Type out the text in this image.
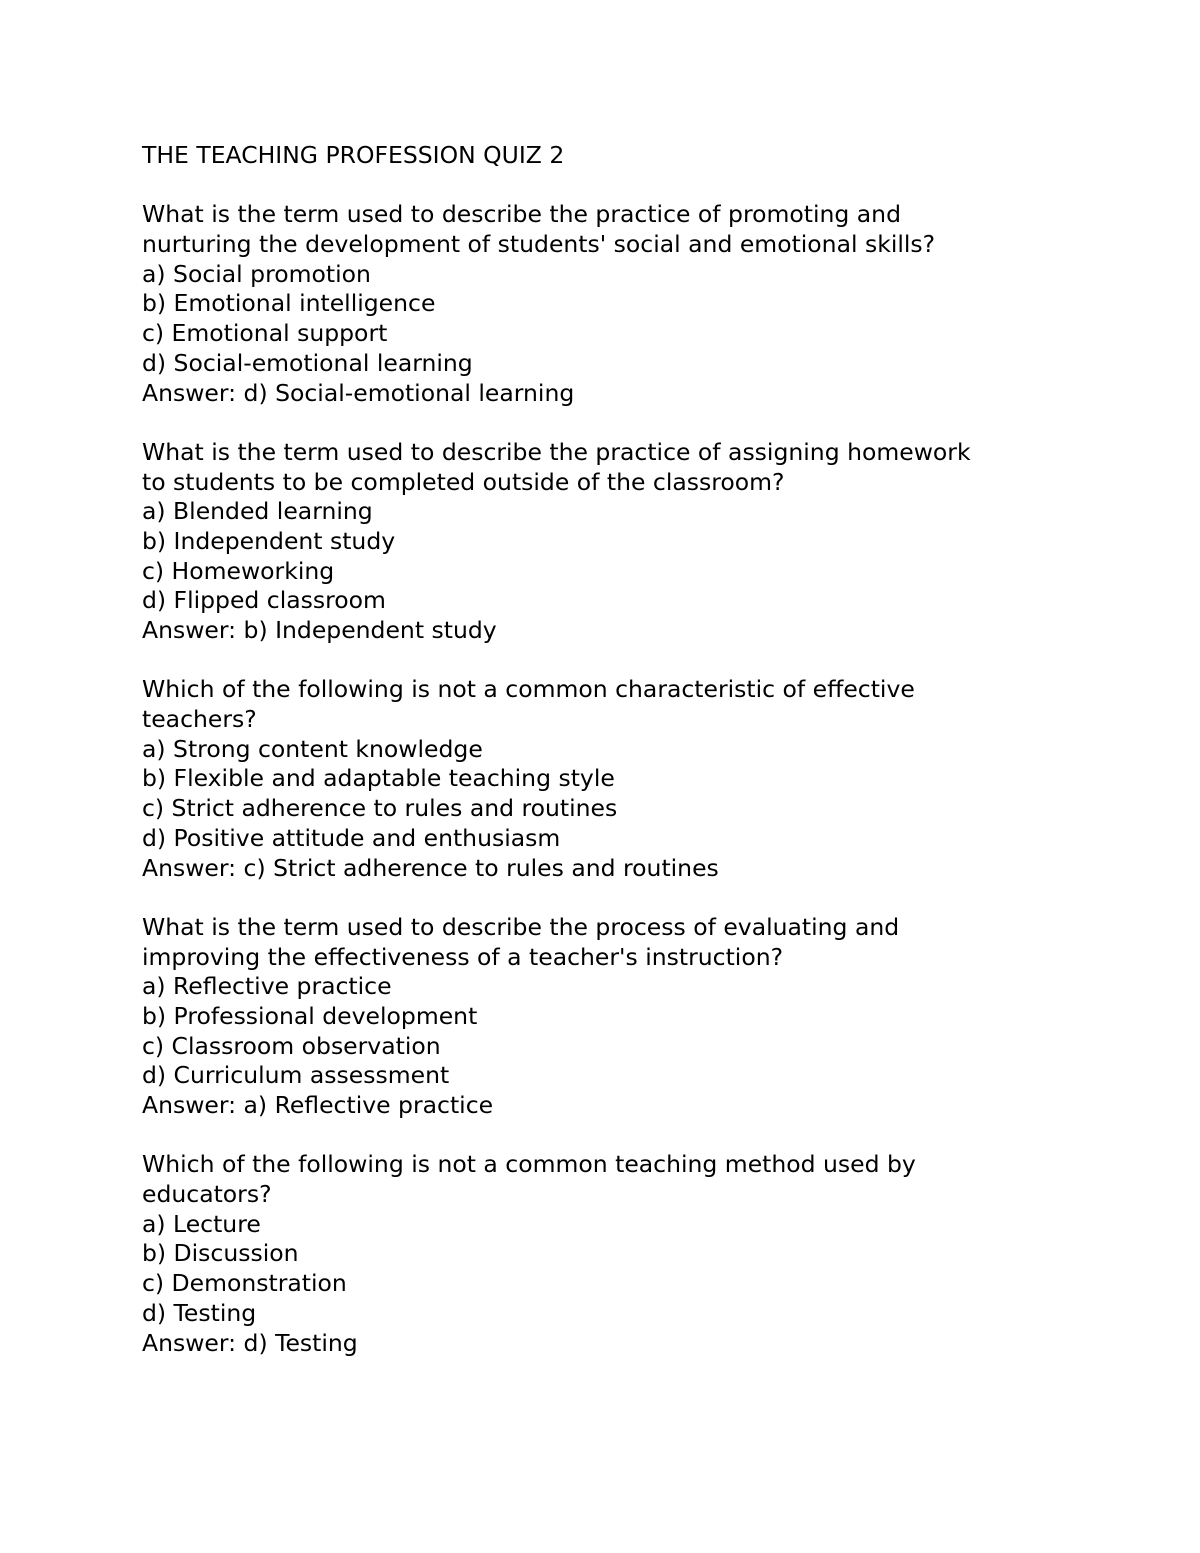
THE TEACHING PROFESSION QUIZ 2
What is the term used to describe the practice of promoting and
nurturing the development of students' social and emotional skills?
a) Social promotion
b) Emotional intelligence
c) Emotional support
d) Social-emotional learning
Answer: d) Social-emotional learning
What is the term used to describe the practice of assigning homework
to students to be completed outside of the classroom?
a) Blended learning
b) Independent study
c) Homeworking
d) Flipped classroom
Answer: b) Independent study
Which of the following is not a common characteristic of effective
teachers?
a) Strong content knowledge
b) Flexible and adaptable teaching style
c) Strict adherence to rules and routines
d) Positive attitude and enthusiasm
Answer: c) Strict adherence to rules and routines
What is the term used to describe the process of evaluating and
improving the effectiveness of a teacher's instruction?
a) Reflective practice
b) Professional development
c) Classroom observation
d) Curriculum assessment
Answer: a) Reflective practice
Which of the following is not a common teaching method used by
educators?
a) Lecture
b) Discussion
c) Demonstration
d) Testing
Answer: d) Testing
